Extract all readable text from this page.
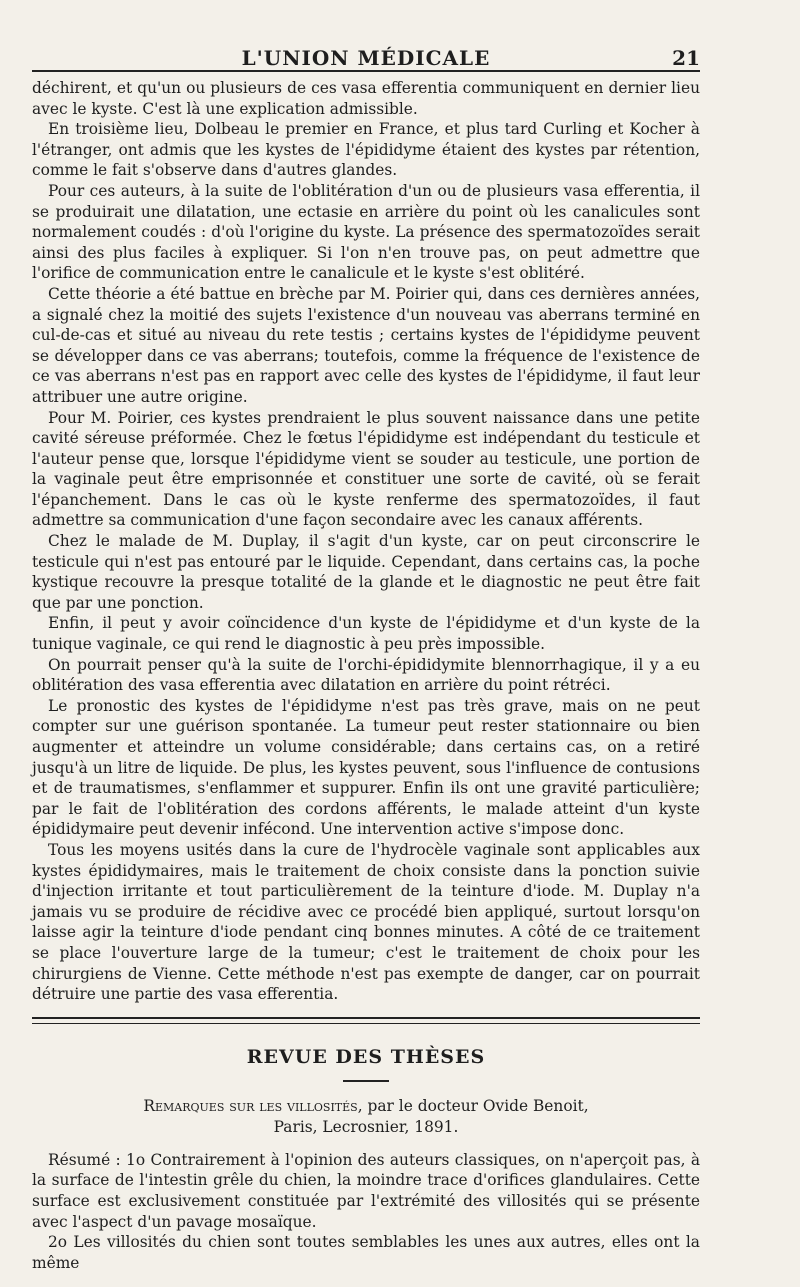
L'UNION MÉDICALE	21

déchirent, et qu'un ou plusieurs de ces vasa efferentia communiquent en dernier lieu avec le kyste. C'est là une explication admissible.

En troisième lieu, Dolbeau le premier en France, et plus tard Curling et Kocher à l'étranger, ont admis que les kystes de l'épididyme étaient des kystes par rétention, comme le fait s'observe dans d'autres glandes.

Pour ces auteurs, à la suite de l'oblitération d'un ou de plusieurs vasa efferentia, il se produirait une dilatation, une ectasie en arrière du point où les canalicules sont normalement coudés : d'où l'origine du kyste. La présence des spermatozoïdes serait ainsi des plus faciles à expliquer. Si l'on n'en trouve pas, on peut admettre que l'orifice de communication entre le canalicule et le kyste s'est oblitéré.

Cette théorie a été battue en brèche par M. Poirier qui, dans ces dernières années, a signalé chez la moitié des sujets l'existence d'un nouveau vas aberrans terminé en cul-de-cas et situé au niveau du rete testis ; certains kystes de l'épididyme peuvent se développer dans ce vas aberrans; toutefois, comme la fréquence de l'existence de ce vas aberrans n'est pas en rapport avec celle des kystes de l'épididyme, il faut leur attribuer une autre origine.

Pour M. Poirier, ces kystes prendraient le plus souvent naissance dans une petite cavité séreuse préformée. Chez le fœtus l'épididyme est indépendant du testicule et l'auteur pense que, lorsque l'épididyme vient se souder au testicule, une portion de la vaginale peut être emprisonnée et constituer une sorte de cavité, où se ferait l'épanchement. Dans le cas où le kyste renferme des spermatozoïdes, il faut admettre sa communication d'une façon secondaire avec les canaux afférents.

Chez le malade de M. Duplay, il s'agit d'un kyste, car on peut circonscrire le testicule qui n'est pas entouré par le liquide. Cependant, dans certains cas, la poche kystique recouvre la presque totalité de la glande et le diagnostic ne peut être fait que par une ponction.

Enfin, il peut y avoir coïncidence d'un kyste de l'épididyme et d'un kyste de la tunique vaginale, ce qui rend le diagnostic à peu près impossible.

On pourrait penser qu'à la suite de l'orchi-épididymite blennorrhagique, il y a eu oblitération des vasa efferentia avec dilatation en arrière du point rétréci.

Le pronostic des kystes de l'épididyme n'est pas très grave, mais on ne peut compter sur une guérison spontanée. La tumeur peut rester stationnaire ou bien augmenter et atteindre un volume considérable; dans certains cas, on a retiré jusqu'à un litre de liquide. De plus, les kystes peuvent, sous l'influence de contusions et de traumatismes, s'enflammer et suppurer. Enfin ils ont une gravité particulière; par le fait de l'oblitération des cordons afférents, le malade atteint d'un kyste épididymaire peut devenir infécond. Une intervention active s'impose donc.

Tous les moyens usités dans la cure de l'hydrocèle vaginale sont applicables aux kystes épididymaires, mais le traitement de choix consiste dans la ponction suivie d'injection irritante et tout particulièrement de la teinture d'iode. M. Duplay n'a jamais vu se produire de récidive avec ce procédé bien appliqué, surtout lorsqu'on laisse agir la teinture d'iode pendant cinq bonnes minutes. A côté de ce traitement se place l'ouverture large de la tumeur; c'est le traitement de choix pour les chirurgiens de Vienne. Cette méthode n'est pas exempte de danger, car on pourrait détruire une partie des vasa efferentia.

REVUE DES THÈSES
Remarques sur les villosités, par le docteur Ovide Benoit,
Paris, Lecrosnier, 1891.

Résumé : 1o Contrairement à l'opinion des auteurs classiques, on n'aperçoit pas, à la surface de l'intestin grêle du chien, la moindre trace d'orifices glandulaires. Cette surface est exclusivement constituée par l'extrémité des villosités qui se présente avec l'aspect d'un pavage mosaïque.

2o Les villosités du chien sont toutes semblables les unes aux autres, elles ont la même
